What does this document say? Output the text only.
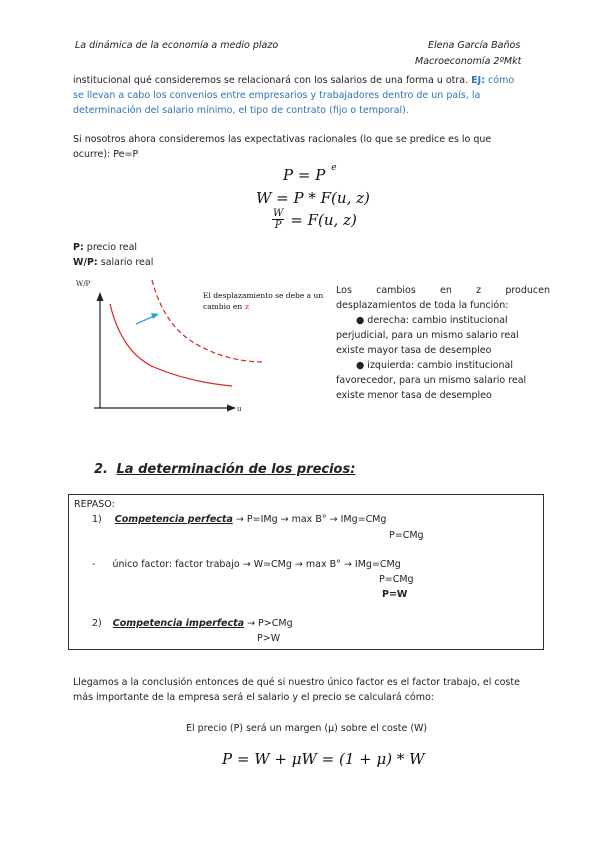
La dinámica de la economía a medio plazo	Elena García Baños
Macroeconomía 2ºMkt
institucional qué consideremos se relacionará con los salarios de una forma u otra. EJ: cómo
se llevan a cabo los convenios entre empresarios y trabajadores dentro de un país, la
determinación del salario mínimo, el tipo de contrato (fijo o temporal).
Si nosotros ahora consideremos las expectativas racionales (lo que se predice es lo que
ocurre): Pe=P
P = P $^e$
W = P * F(u, z)
$\frac{W}{P} = F(u$, z)
P: precio real
W/P: salario real
W/P
u
El desplazamiento se debe a un
cambio en z
Los	cambios	en	z	producen
desplazamientos de toda la función:
● derecha: cambio institucional
perjudicial, para un mismo salario real
existe mayor tasa de desempleo
● izquierda: cambio institucional
favorecedor, para un mismo salario real
existe menor tasa de desempleo
2. La determinación de los precios:
REPASO:
1) Competencia perfecta → P=IMg → max B° → IMg=CMg
P=CMg
- único factor: factor trabajo → W=CMg → max B° → IMg=CMg
P=CMg
P=W
2) Competencia imperfecta → P>CMg
P>W
Llegamos a la conclusión entonces de qué si nuestro único factor es el factor trabajo, el coste
más importante de la empresa será el salario y el precio se calculará cómo:
El precio (P) será un margen (μ) sobre el coste (W)
P = W + μW = (1 + μ) * W
